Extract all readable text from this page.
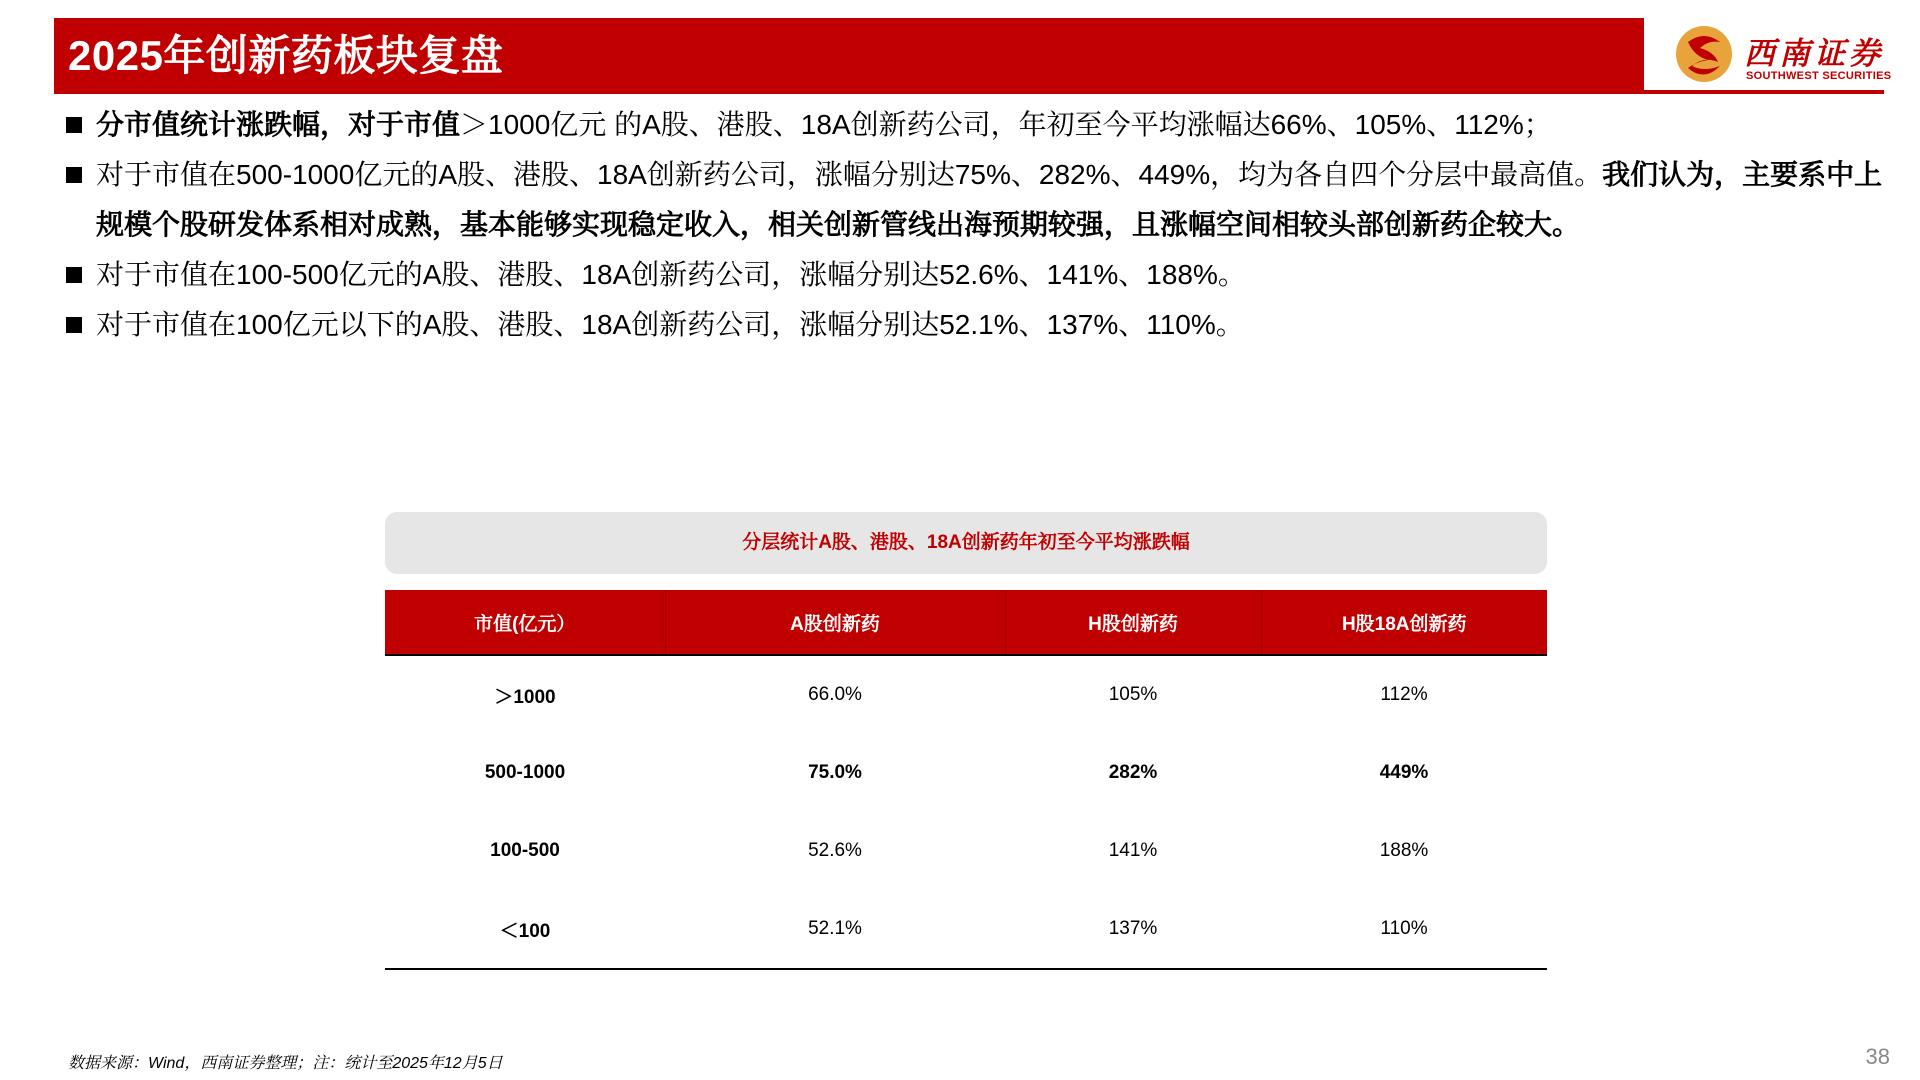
2025年创新药板块复盘	西南证券
SOUTHWEST SECURITIES
分市值统计涨跌幅，对于市值＞1000亿元 的A股、港股、18A创新药公司，年初至今平均涨幅达66%、105%、112%；
对于市值在500-1000亿元的A股、港股、18A创新药公司，涨幅分别达75%、282%、449%，均为各自四个分层中最高值。我们认为，主要系中上规模个股研发体系相对成熟，基本能够实现稳定收入，相关创新管线出海预期较强，且涨幅空间相较头部创新药企较大。
对于市值在100-500亿元的A股、港股、18A创新药公司，涨幅分别达52.6%、141%、188%。
对于市值在100亿元以下的A股、港股、18A创新药公司，涨幅分别达52.1%、137%、110%。
分层统计A股、港股、18A创新药年初至今平均涨跌幅
市值(亿元）	A股创新药	H股创新药	H股18A创新药
＞1000	66.0%	105%	112%
500-1000	75.0%	282%	449%
100-500	52.6%	141%	188%
＜100	52.1%	137%	110%
数据来源：Wind，西南证券整理；注：统计至2025年12月5日	38
